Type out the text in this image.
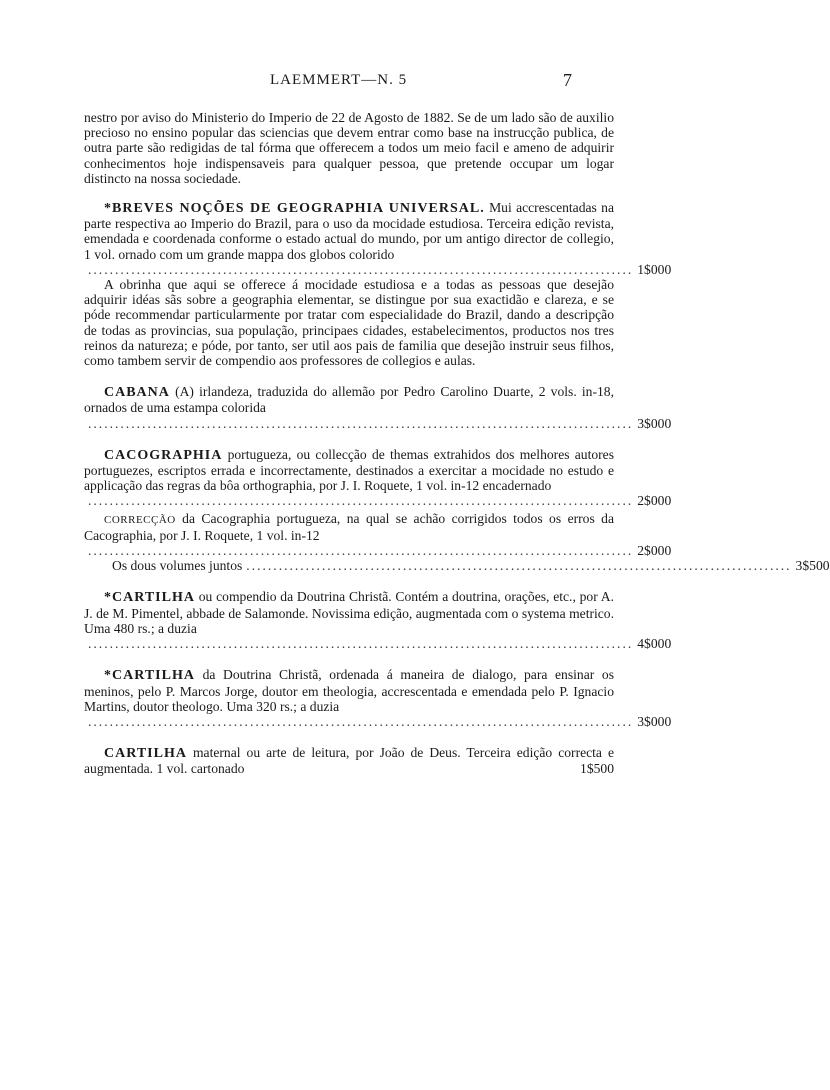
LAEMMERT—N. 5	7

nestro por aviso do Ministerio do Imperio de 22 de Agosto de 1882. Se de um lado são de auxilio precioso no ensino popular das sciencias que devem entrar como base na instrucção publica, de outra parte são redigidas de tal fórma que offerecem a todos um meio facil e ameno de adquirir conhecimentos hoje indispensaveis para qualquer pessoa, que pretende occupar um logar distincto na nossa sociedade.

*BREVES NOÇÕES DE GEOGRAPHIA UNIVERSAL. Mui accrescentadas na parte respectiva ao Imperio do Brazil, para o uso da mocidade estudiosa. Terceira edição revista, emendada e coordenada conforme o estado actual do mundo, por um antigo director de collegio, 1 vol. ornado com um grande mappa dos globos colorido
..................................................................................................... 1$000

A obrinha que aqui se offerece á mocidade estudiosa e a todas as pessoas que desejão adquirir idéas sãs sobre a geographia elementar, se distingue por sua exactidão e clareza, e se póde recommendar particularmente por tratar com especialidade do Brazil, dando a descripção de todas as provincias, sua população, principaes cidades, estabelecimentos, productos nos tres reinos da natureza; e póde, por tanto, ser util aos pais de familia que desejão instruir seus filhos, como tambem servir de compendio aos professores de collegios e aulas.

CABANA (A) irlandeza, traduzida do allemão por Pedro Carolino Duarte, 2 vols. in-18, ornados de uma estampa colorida
..................................................................................................... 3$000
CACOGRAPHIA portugueza, ou collecção de themas extrahidos dos melhores autores portuguezes, escriptos errada e incorrectamente, destinados a exercitar a mocidade no estudo e applicação das regras da bôa orthographia, por J. I. Roquete, 1 vol. in-12 encadernado
..................................................................................................... 2$000
CORRECÇÃO da Cacographia portugueza, na qual se achão corrigidos todos os erros da Cacographia, por J. I. Roquete, 1 vol. in-12
..................................................................................................... 2$000
Os dous volumes juntos ..................................................................................................... 3$500
*CARTILHA ou compendio da Doutrina Christã. Contém a doutrina, orações, etc., por A. J. de M. Pimentel, abbade de Salamonde. Novissima edição, augmentada com o systema metrico. Uma 480 rs.; a duzia
..................................................................................................... 4$000
*CARTILHA da Doutrina Christã, ordenada á maneira de dialogo, para ensinar os meninos, pelo P. Marcos Jorge, doutor em theologia, accrescentada e emendada pelo P. Ignacio Martins, doutor theologo. Uma 320 rs.; a duzia
..................................................................................................... 3$000
CARTILHA maternal ou arte de leitura, por João de Deus. Terceira edição correcta e augmentada. 1 vol. cartonado	1$500
